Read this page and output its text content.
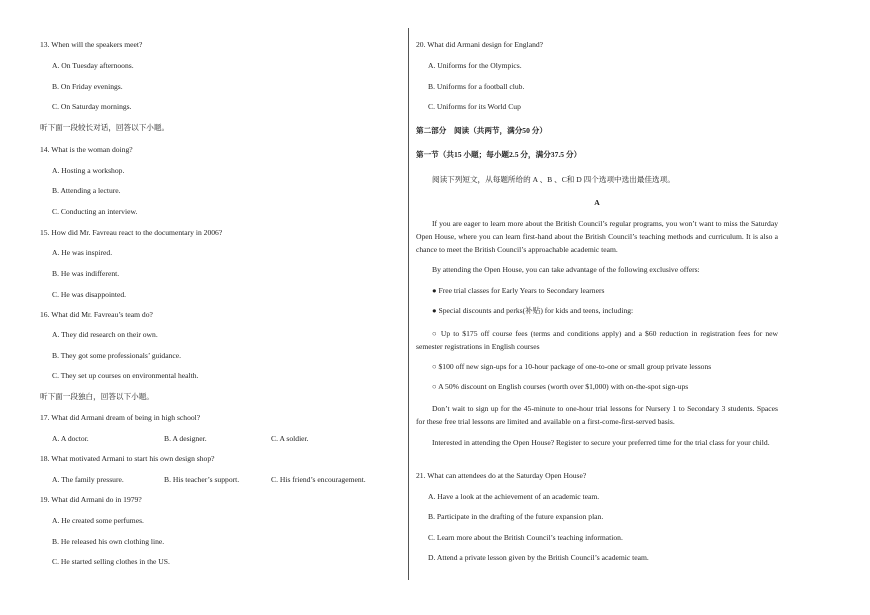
13. When will the speakers meet?
A. On Tuesday afternoons.
B. On Friday evenings.
C. On Saturday mornings.
听下面一段较长对话，回答以下小题。
14. What is the woman doing?
A. Hosting a workshop.
B. Attending a lecture.
C. Conducting an interview.
15. How did Mr. Favreau react to the documentary in 2006?
A. He was inspired.
B. He was indifferent.
C. He was disappointed.
16. What did Mr. Favreau’s team do?
A. They did research on their own.
B. They got some professionals’ guidance.
C. They set up courses on environmental health.
听下面一段独白，回答以下小题。
17. What did Armani dream of being in high school?
A. A doctor.	B. A designer.	C. A soldier.
18. What motivated Armani to start his own design shop?
A. The family pressure.	B. His teacher’s support.	C. His friend’s encouragement.
19. What did Armani do in 1979?
A. He created some perfumes.
B. He released his own clothing line.
C. He started selling clothes in the US.
20. What did Armani design for England?
A. Uniforms for the Olympics.
B. Uniforms for a football club.
C. Uniforms for its World Cup
第二部分　阅读（共两节，满分50 分）
第一节（共15 小题；每小题2.5 分，满分37.5 分）
阅读下列短文，从每题所给的 A 、B 、C和 D 四个选项中选出最佳选项。
A
If you are eager to learn more about the British Council’s regular programs, you won’t want to miss the Saturday Open House, where you can learn first-hand about the British Council’s teaching methods and curriculum. It is also a chance to meet the British Council’s approachable academic team.
By attending the Open House, you can take advantage of the following exclusive offers:
● Free trial classes for Early Years to Secondary learners
● Special discounts and perks(补贴) for kids and teens, including:
○ Up to $175 off course fees (terms and conditions apply) and a $60 reduction in registration fees for new semester registrations in English courses
○ $100 off new sign-ups for a 10-hour package of one-to-one or small group private lessons
○ A 50% discount on English courses (worth over $1,000) with on-the-spot sign-ups
Don’t wait to sign up for the 45-minute to one-hour trial lessons for Nursery 1 to Secondary 3 students. Spaces for these free trial lessons are limited and available on a first-come-first-served basis.
Interested in attending the Open House? Register to secure your preferred time for the trial class for your child.
21. What can attendees do at the Saturday Open House?
A. Have a look at the achievement of an academic team.
B. Participate in the drafting of the future expansion plan.
C. Learn more about the British Council’s teaching information.
D. Attend a private lesson given by the British Council’s academic team.
